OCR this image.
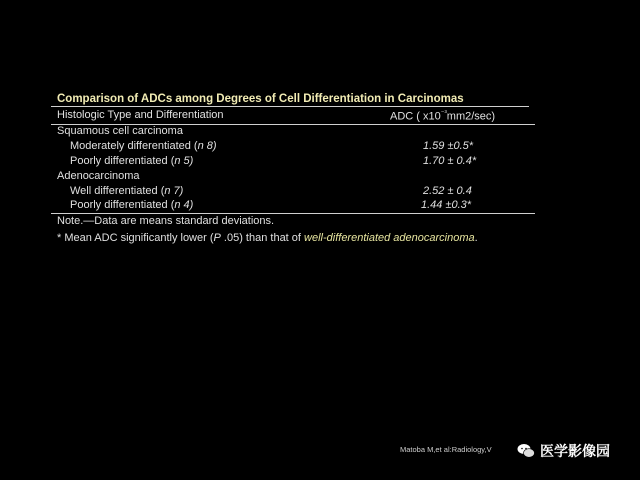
Comparison of ADCs among Degrees of Cell Differentiation in Carcinomas
Histologic Type and Differentiation	ADC ( $x10^{^{-3}}mm2/\sec$)
Squamous cell carcinoma
Moderately differentiated (n 8)	1.59 ±0.5*
Poorly differentiated (n 5)	1.70 ± 0.4*
Adenocarcinoma
Well differentiated (n 7)	2.52 ± 0.4
Poorly differentiated (n 4)	1.44 ±0.3*
Note.—Data are means standard deviations.
* Mean ADC significantly lower (P .05) than that of well-differentiated adenocarcinoma.
Matoba M,et al:Radiology,V	医学影像园
